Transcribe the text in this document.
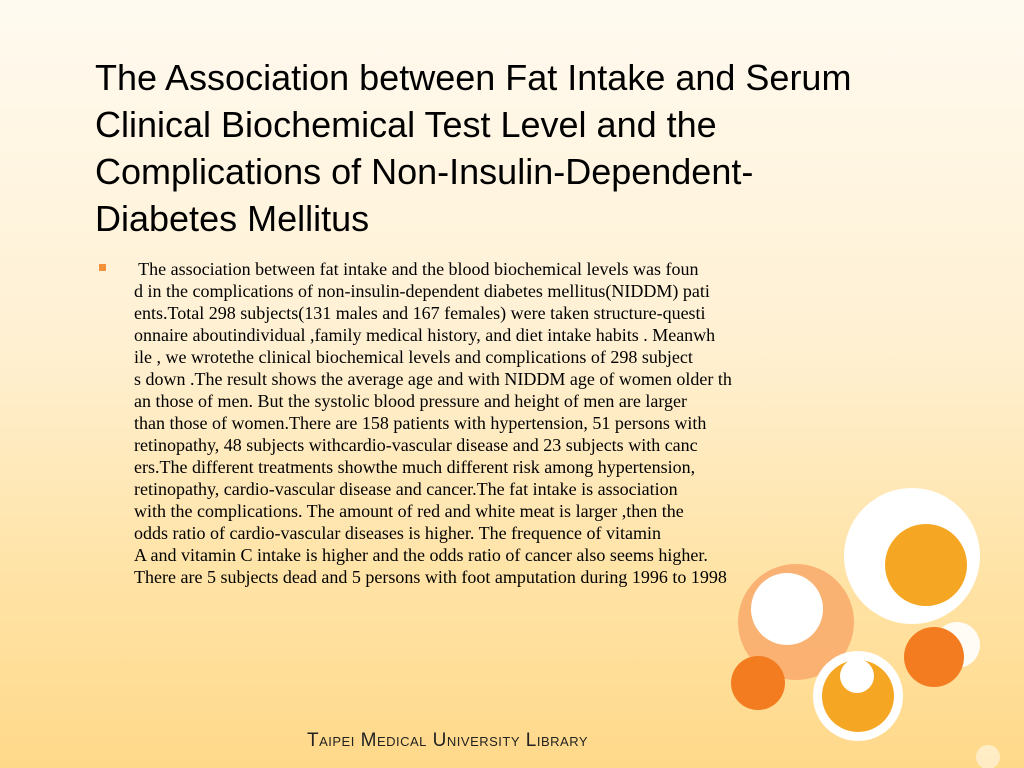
The Association between Fat Intake and Serum
Clinical Biochemical Test Level and the
Complications of Non-Insulin-Dependent-
Diabetes Mellitus
The association between fat intake and the blood biochemical levels was foun
d in the complications of non-insulin-dependent diabetes mellitus(NIDDM) pati
ents.Total 298 subjects(131 males and 167 females) were taken structure-questi
onnaire aboutindividual ,family medical history, and diet intake habits . Meanwh
ile , we wrotethe clinical biochemical levels and complications of 298 subject
s down .The result shows the average age and with NIDDM age of women older th
an those of men. But the systolic blood pressure and height of men are larger
than those of women.There are 158 patients with hypertension, 51 persons with
retinopathy, 48 subjects withcardio-vascular disease and 23 subjects with canc
ers.The different treatments showthe much different risk among hypertension,
retinopathy, cardio-vascular disease and cancer.The fat intake is association
with the complications. The amount of red and white meat is larger ,then the
odds ratio of cardio-vascular diseases is higher. The frequence of vitamin
A and vitamin C intake is higher and the odds ratio of cancer also seems higher.
There are 5 subjects dead and 5 persons with foot amputation during 1996 to 1998
Taipei Medical University Library
